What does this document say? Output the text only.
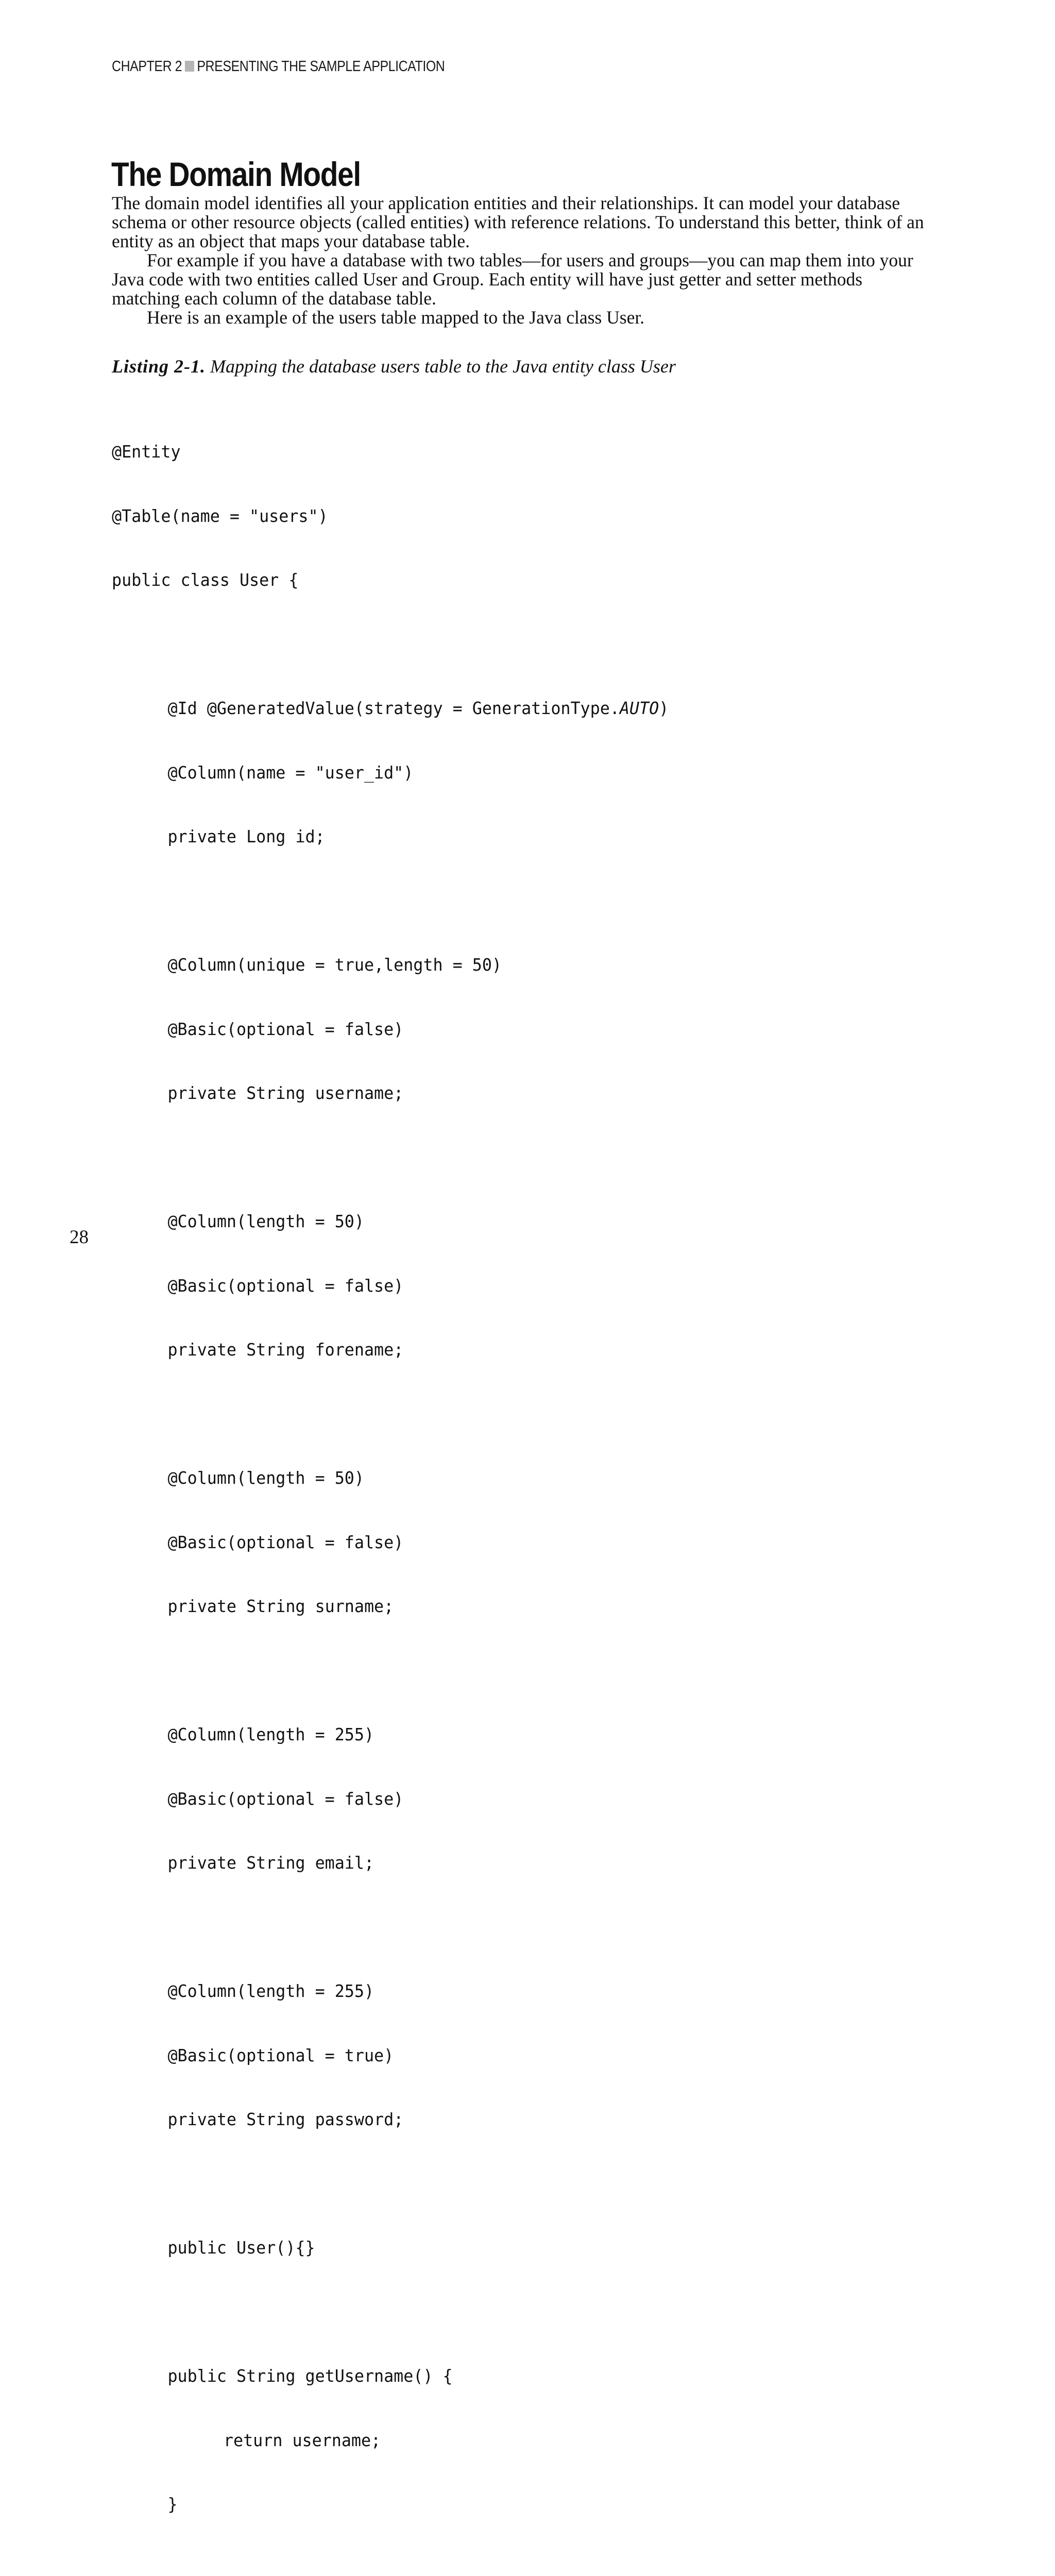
CHAPTER 2 PRESENTING THE SAMPLE APPLICATION
The Domain Model

The domain model identifies all your application entities and their relationships. It can model your database schema or other resource objects (called entities) with reference relations. To understand this better, think of an entity as an object that maps your database table.

For example if you have a database with two tables—for users and groups—you can map them into your Java code with two entities called User and Group. Each entity will have just getter and setter methods matching each column of the database table.

Here is an example of the users table mapped to the Java class User.

Listing 2-1. Mapping the database users table to the Java entity class User

@Entity

@Table(name = "users")

public class User {

@Id @GeneratedValue(strategy = GenerationType.AUTO)

@Column(name = "user_id")

private Long id;

@Column(unique = true,length = 50)

@Basic(optional = false)

private String username;

@Column(length = 50)

@Basic(optional = false)

private String forename;

@Column(length = 50)

@Basic(optional = false)

private String surname;

@Column(length = 255)

@Basic(optional = false)

private String email;

@Column(length = 255)

@Basic(optional = true)

private String password;

public User(){}

public String getUsername() {

return username;

}

28
